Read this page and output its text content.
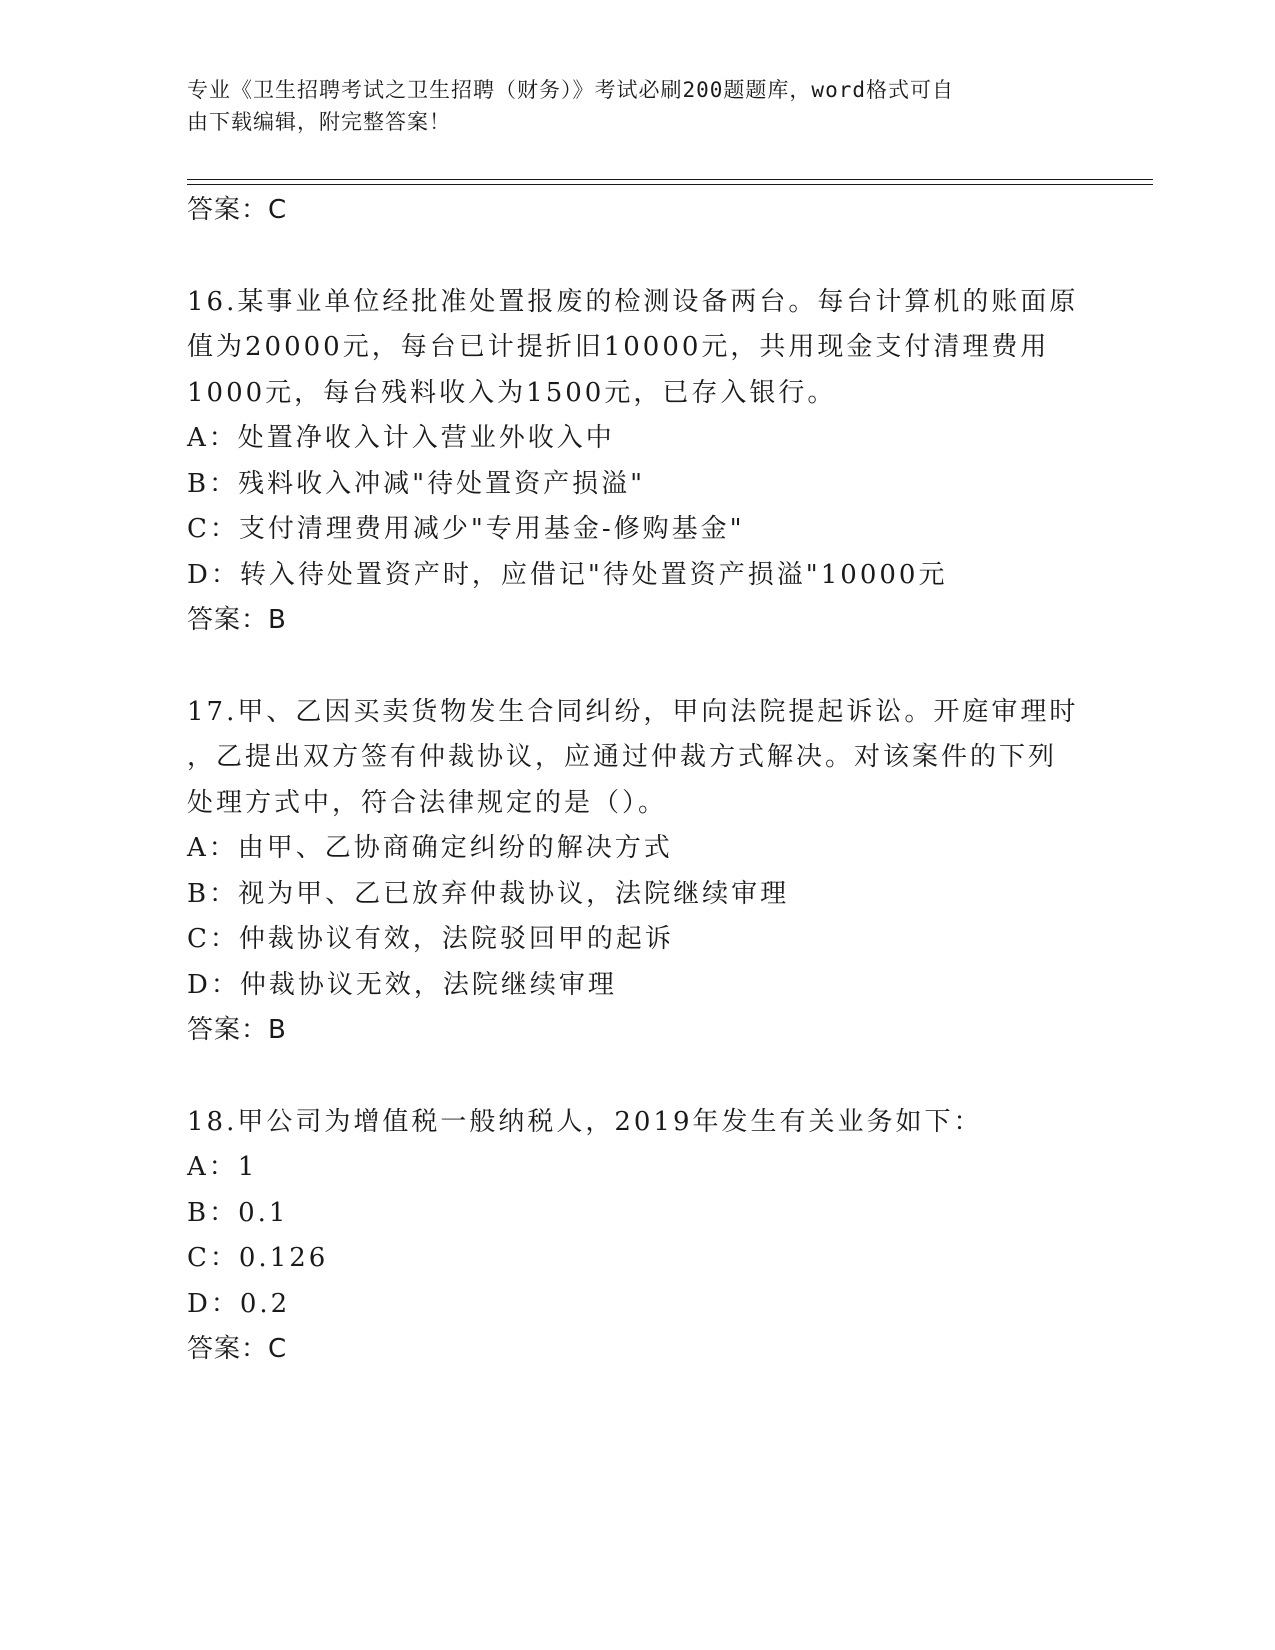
专业《卫生招聘考试之卫生招聘（财务）》考试必刷200题题库，word格式可自
由下载编辑，附完整答案！
答案：C
16.某事业单位经批准处置报废的检测设备两台。每台计算机的账面原
值为20000元，每台已计提折旧10000元，共用现金支付清理费用
1000元，每台残料收入为1500元，已存入银行。
A：处置净收入计入营业外收入中
B：残料收入冲减"待处置资产损溢"
C：支付清理费用减少"专用基金-修购基金"
D：转入待处置资产时，应借记"待处置资产损溢"10000元
答案：B
17.甲、乙因买卖货物发生合同纠纷，甲向法院提起诉讼。开庭审理时
，乙提出双方签有仲裁协议，应通过仲裁方式解决。对该案件的下列
处理方式中，符合法律规定的是（）。
A：由甲、乙协商确定纠纷的解决方式
B：视为甲、乙已放弃仲裁协议，法院继续审理
C：仲裁协议有效，法院驳回甲的起诉
D：仲裁协议无效，法院继续审理
答案：B
18.甲公司为增值税一般纳税人，2019年发生有关业务如下：
A：1
B：0.1
C：0.126
D：0.2
答案：C
